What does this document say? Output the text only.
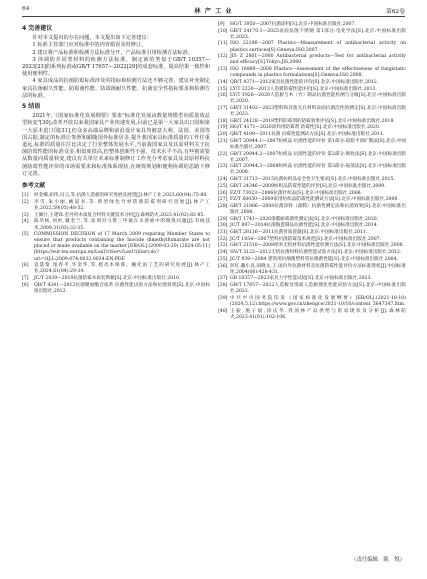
64	林 产 工 业	第62卷
4 完善建议

针对本文提出的存在问题，本文提出如下完善建议：

1 标准主管部门应对标准中的内容错误及时修订。

2 建议将产品标准和检测方法标准分开，产品标准引用检测方法标准。

3 涉调防并同类材料的检测方法标准，制定新的类似于GB/T 10357—2023[23]的系列标准或GB/T 17657—2022[29]的成套标准，提高结果一致性和使用便利性。

4 家具成品的抗菌防霉标准涉及的指标和检测方法还不够完善，建议补充制定家具抗菌耐久性能、防霉菌性能、防霉菌耐久性能、抗菌安全性指标要求和检测方法的标准。

5 结语

2021年,《国家标准化发展纲要》要求"标准化发展由数量规模型向质量效益型转变"[30],改革开放以来我国家具产业快速发展,目前已是第一大家具出口国和第一大原木进口国[31],但众多高端品牌和前沿设计家具均被意大利、法国、美国等国占据,制定的标准让参照和跟随国外标准居多,提升我国家具标准质量的工作任重道远,标准的质量往往比决定了行业整体发展水平,当前我国家具及其原材料关于抗菌防霉性能的标准众多,相似度很高,但整体创新性不强、技术水平不高,有些则需要从数量向质量转变,建议有关单位未来标准制修订工作充分考虑家具及其原材料抗菌防霉性能评价的市场需要求和标准体系现状,在统筹规划和便利协调的思路下修订完善。

参考文献
[1]	何金娜,屈伟,冯云,等.抗菌人造板的研究进展及展望[J].林产工业,2023,60(04):75-80.
[2]	李雪,朱小丽,姚道书,等.新型绿色竹材防菌防霉剂研究进展[J].林产工业,2022,59(05):48-52.
[3]	王佩行,王建锋.室外用木质复合材料关键技术分析[J].森林防火,2023,41(02):82-85.
[4]	陈华杨,刘洪,戴金兰,等.加剂对马偕三甲烯在水溶液中的腐熟问题[J].有线技术,2009,31(03):32-35.
[5]	COMMISSION DECISION of 17 March 2009 requiring Member States to ensure that products containing the biocide dimethylfumarate are not placed or made available on the market [EB/OL].(2009-03-20) (2024-05-11)[https://eur-lex.europa.eu/LexUriServ/LexUriServ.do?uri=OJ:L:2009:074:0032:0034:EN:PDF.
[6]	袁慧黎,尾春平,毕金华,等.橙皮木纸膏、蘸化雨工艺的研究进展[J].林产工业,2024,61(04):29-34.
[7]	JC/T 2039—2010抗菌防霉木质装饰板[S].北京:中国标准出版社,2010.
[8]	QB/T 4341—2012抗菌聚氨酯合成革 抗菌性能试验方法和抗菌效果[S].北京:中国标准出版社,2012.
[9]	HG/T 3950—2007抗菌涂料[S].北京:中国标准出版社,2007.
[10] GB/T 24170.1—2023表面抗菌不锈钢 第1部分:电化学法[S].北京:中国标准出版社,2023.
[11] ISO 22196—2007 Plastics—Measurement of antibacterial activity on plastics surfaces[S].Geneva:ISO,2007.
[12] JIS Z 2801—2000 Antibacterial products—Test for antibacterial activity and efficacy[S].Tokyo:JIS,2000.
[13] ISO 16869—2008 Plastics—Assessment of the effectiveness of fungistatic compounds in plastics formulations[S].Geneva:ISO,2008.
[14] QB/T 4371—2012家具抗菌性能的评价[S].北京:中国标准出版社,2012.
[15] LY/T 2230—2013人造板防霉性能评价[S].北京:中国标准出版社,2013.
[16] LY/T 1926—2020人造板与木（竹）制品抗菌性能检测与分级[S].北京:中国标准出版社,2020.
[17] GB/T 31402—2023塑料和其他无孔材料表面抗菌活性的测定[S].北京:中国标准出版社,2023.
[18] GB/T 24128—2018塑料防霉剂的防霉效果评估[S].北京:中国标准出版社,2018.
[19] HG/T 4171—2020涂料用防霉剂 防霉性[S].北京:中国标准出版社,2020.
[20] QB/T 4199—2011抗菌 抗霉性能测试方法[S].北京:中国标准出版社,2011.
[21] GB/T 20944.1—2007纺织品 抗菌性能的评价 第1部分:琼脂平皿扩散法[S].北京:中国标准出版社,2007.
[22] GB/T 20944.2—2007纺织品 抗菌性能的评价 第2部分:吸收法[S].北京:中国标准出版社,2007.
[23] GB/T 20944.3—2008纺织品 抗菌性能的评价 第3部分:振荡法[S].北京:中国标准出版社,2008.
[24] GB/T 31713—2015抗菌纺织品安全性卫生要求[S].北京:中国标准出版社,2015.
[25] GB/T 24346—2009纺织品防霉性能的评价[S].北京:中国标准出版社,2009.
[26] FZ/T 73023—2006抗菌针织品[S].北京:中国标准出版社,2006.
[27] FZ/T 60030—2009家用纺织品防霉性能测试方法[S].北京:中国标准出版社,2009.
[28] GB/T 21866—2008抗菌涂料（漆膜）抗菌性测定法和抗菌效果[S].北京:中国标准出版社,2008.
[29] GB/T 1741—2020漆膜耐霉菌性测定法[S].北京:中国标准出版社,2020.
[30] JC/T 897—2014抗菌陶瓷制品抗菌性能[S].北京:中国标准出版社,2014.
[31] GB/T 28116—2011抗菌骨质瓷器[S].北京:中国标准出版社,2011.
[32] JC/T 1054—2007塑料抗菌防霉技术规范[S].北京:中国标准出版社,2007.
[33] GB/T 21510—2008纳米无机材料抗菌性能检测方法[S].北京:中国标准出版社,2008.
[34] SN/T 3122—2012无机抗菌材料抗菌性能试验方法[S].北京:中国标准出版社,2012.
[35] JC/T 939—2004 建筑用抗细菌塑料管抗细菌性能[S].北京:中国标准出版社,2004.
[36] 彭红,戴小良,胡晓文,王.国内外抗菌材料及抗菌防霉性能评价方法标准现状[J].中国标准化,2004(06):428-431.
[37] GB 10357—2023家具力学性能试验[S].北京:中国标准出版社,2023.
[38] GB/T 17657—2022人造板及饰面人造板理化性能试验方法[S].北京:中国标准出版社,2022.
[39] 中共中央国务院印发《国家标准化发展纲要》[EB/OL].(2021-10-10)(2024.5.12).https://www.gov.cn/zhengce/2021-10/10/content_5647347.htm.
[40] 王振,施子晨,徐庆华.我国林产品供给与贸易现状及分析[J].森林防火,2023.41(01):102-106.
（责任编辑　陈　悦）
